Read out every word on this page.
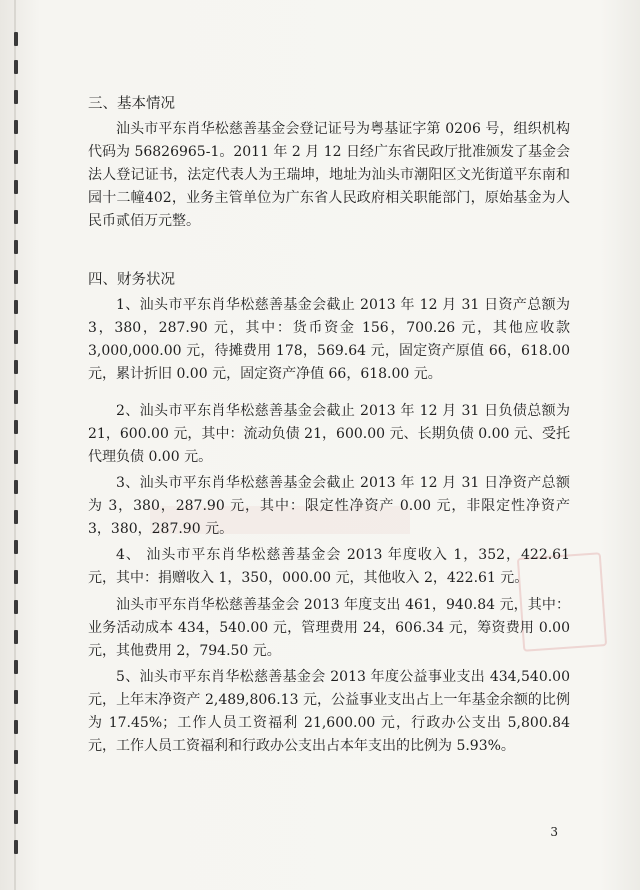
三、基本情况

汕头市平东肖华松慈善基金会登记证号为粤基证字第 0206 号，组织机构代码为 56826965-1。2011 年 2 月 12 日经广东省民政厅批准颁发了基金会法人登记证书，法定代表人为王瑞坤，地址为汕头市潮阳区文光街道平东南和园十二幢402，业务主管单位为广东省人民政府相关职能部门，原始基金为人民币贰佰万元整。

四、财务状况

1、汕头市平东肖华松慈善基金会截止 2013 年 12 月 31 日资产总额为 3，380，287.90 元，其中：货币资金 156，700.26 元，其他应收款 3,000,000.00 元，待摊费用 178，569.64 元，固定资产原值 66，618.00 元，累计折旧 0.00 元，固定资产净值 66，618.00 元。

2、汕头市平东肖华松慈善基金会截止 2013 年 12 月 31 日负债总额为 21，600.00 元，其中：流动负债 21，600.00 元、长期负债 0.00 元、受托代理负债 0.00 元。

3、汕头市平东肖华松慈善基金会截止 2013 年 12 月 31 日净资产总额为 3，380，287.90 元，其中：限定性净资产 0.00 元，非限定性净资产 3，380，287.90 元。

4、 汕头市平东肖华松慈善基金会 2013 年度收入 1，352，422.61 元，其中：捐赠收入 1，350，000.00 元，其他收入 2，422.61 元。

汕头市平东肖华松慈善基金会 2013 年度支出 461，940.84 元，其中：业务活动成本 434，540.00 元，管理费用 24，606.34 元，筹资费用 0.00 元，其他费用 2，794.50 元。

5、汕头市平东肖华松慈善基金会 2013 年度公益事业支出 434,540.00 元，上年末净资产 2,489,806.13 元，公益事业支出占上一年基金余额的比例为 17.45%；工作人员工资福利 21,600.00 元，行政办公支出 5,800.84 元，工作人员工资福利和行政办公支出占本年支出的比例为 5.93%。

3
